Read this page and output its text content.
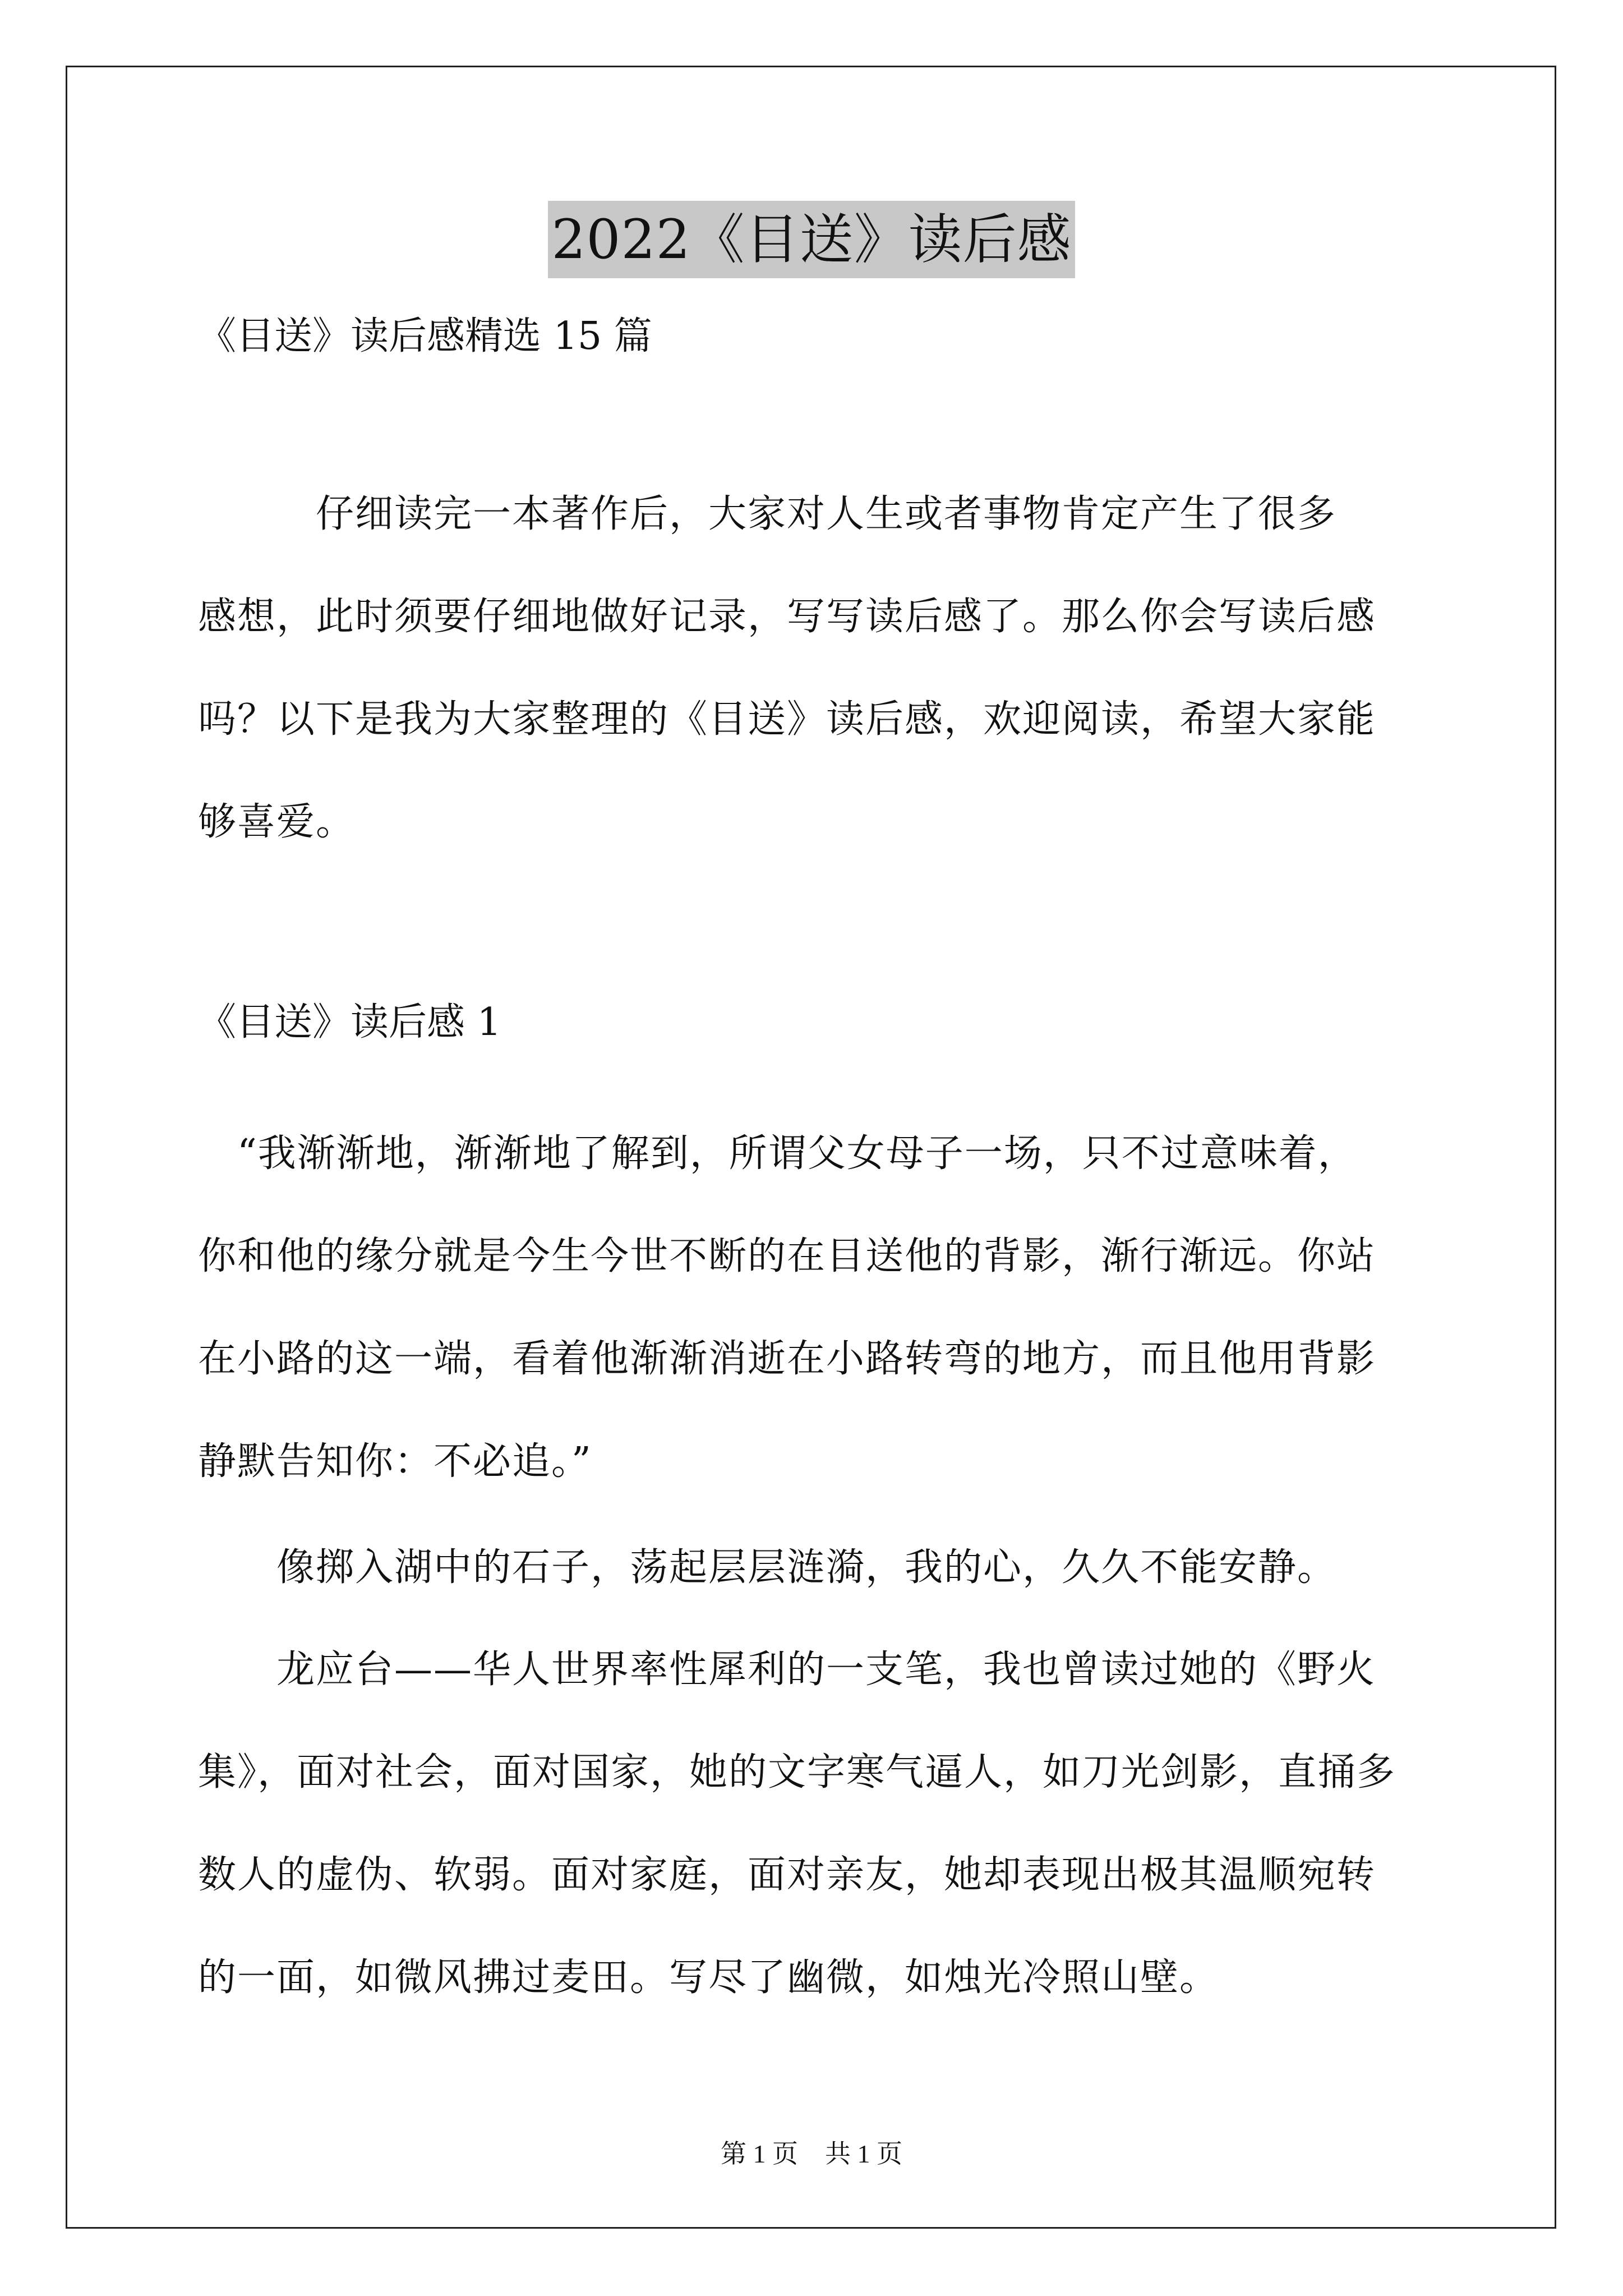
2022《目送》读后感
《目送》读后感精选 15 篇
　　　仔细读完一本著作后，大家对人生或者事物肯定产生了很多
感想，此时须要仔细地做好记录，写写读后感了。那么你会写读后感
吗？以下是我为大家整理的《目送》读后感，欢迎阅读，希望大家能
够喜爱。
《目送》读后感 1
　“我渐渐地，渐渐地了解到，所谓父女母子一场，只不过意味着，
你和他的缘分就是今生今世不断的在目送他的背影，渐行渐远。你站
在小路的这一端，看着他渐渐消逝在小路转弯的地方，而且他用背影
静默告知你：不必追。”
　　像掷入湖中的石子，荡起层层涟漪，我的心，久久不能安静。
　　龙应台——华人世界率性犀利的一支笔，我也曾读过她的《野火
集》，面对社会，面对国家，她的文字寒气逼人，如刀光剑影，直捅多
数人的虚伪、软弱。面对家庭，面对亲友，她却表现出极其温顺宛转
的一面，如微风拂过麦田。写尽了幽微，如烛光冷照山壁。
第 1 页 共 1 页
